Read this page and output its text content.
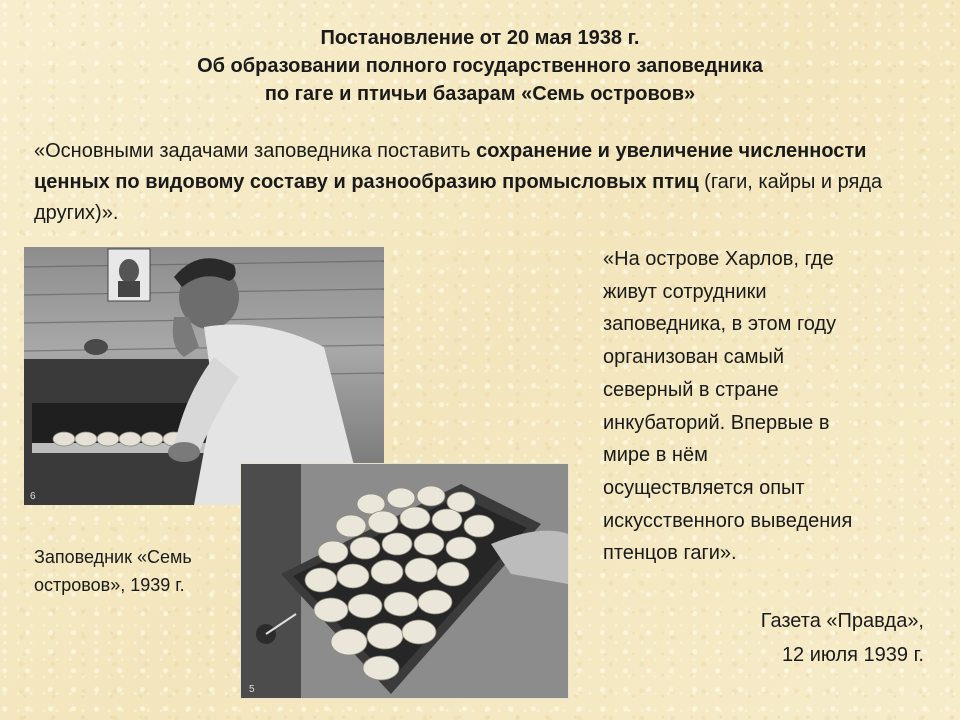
Постановление от 20 мая 1938 г.
Об образовании полного государственного заповедника
по гаге и птичьи базарам «Семь островов»

«Основными задачами заповедника поставить сохранение и увеличение численности ценных по видовому составу и разнообразию промысловых птиц (гаги, кайры и ряда других)».

6
5
Заповедник «Семь
островов», 1939 г.
«На острове Харлов, где
живут сотрудники
заповедника, в этом году
организован самый
северный в стране
инкубаторий. Впервые в
мире в нём
осуществляется опыт
искусственного выведения
птенцов гаги».
Газета «Правда»,
12 июля 1939 г.
